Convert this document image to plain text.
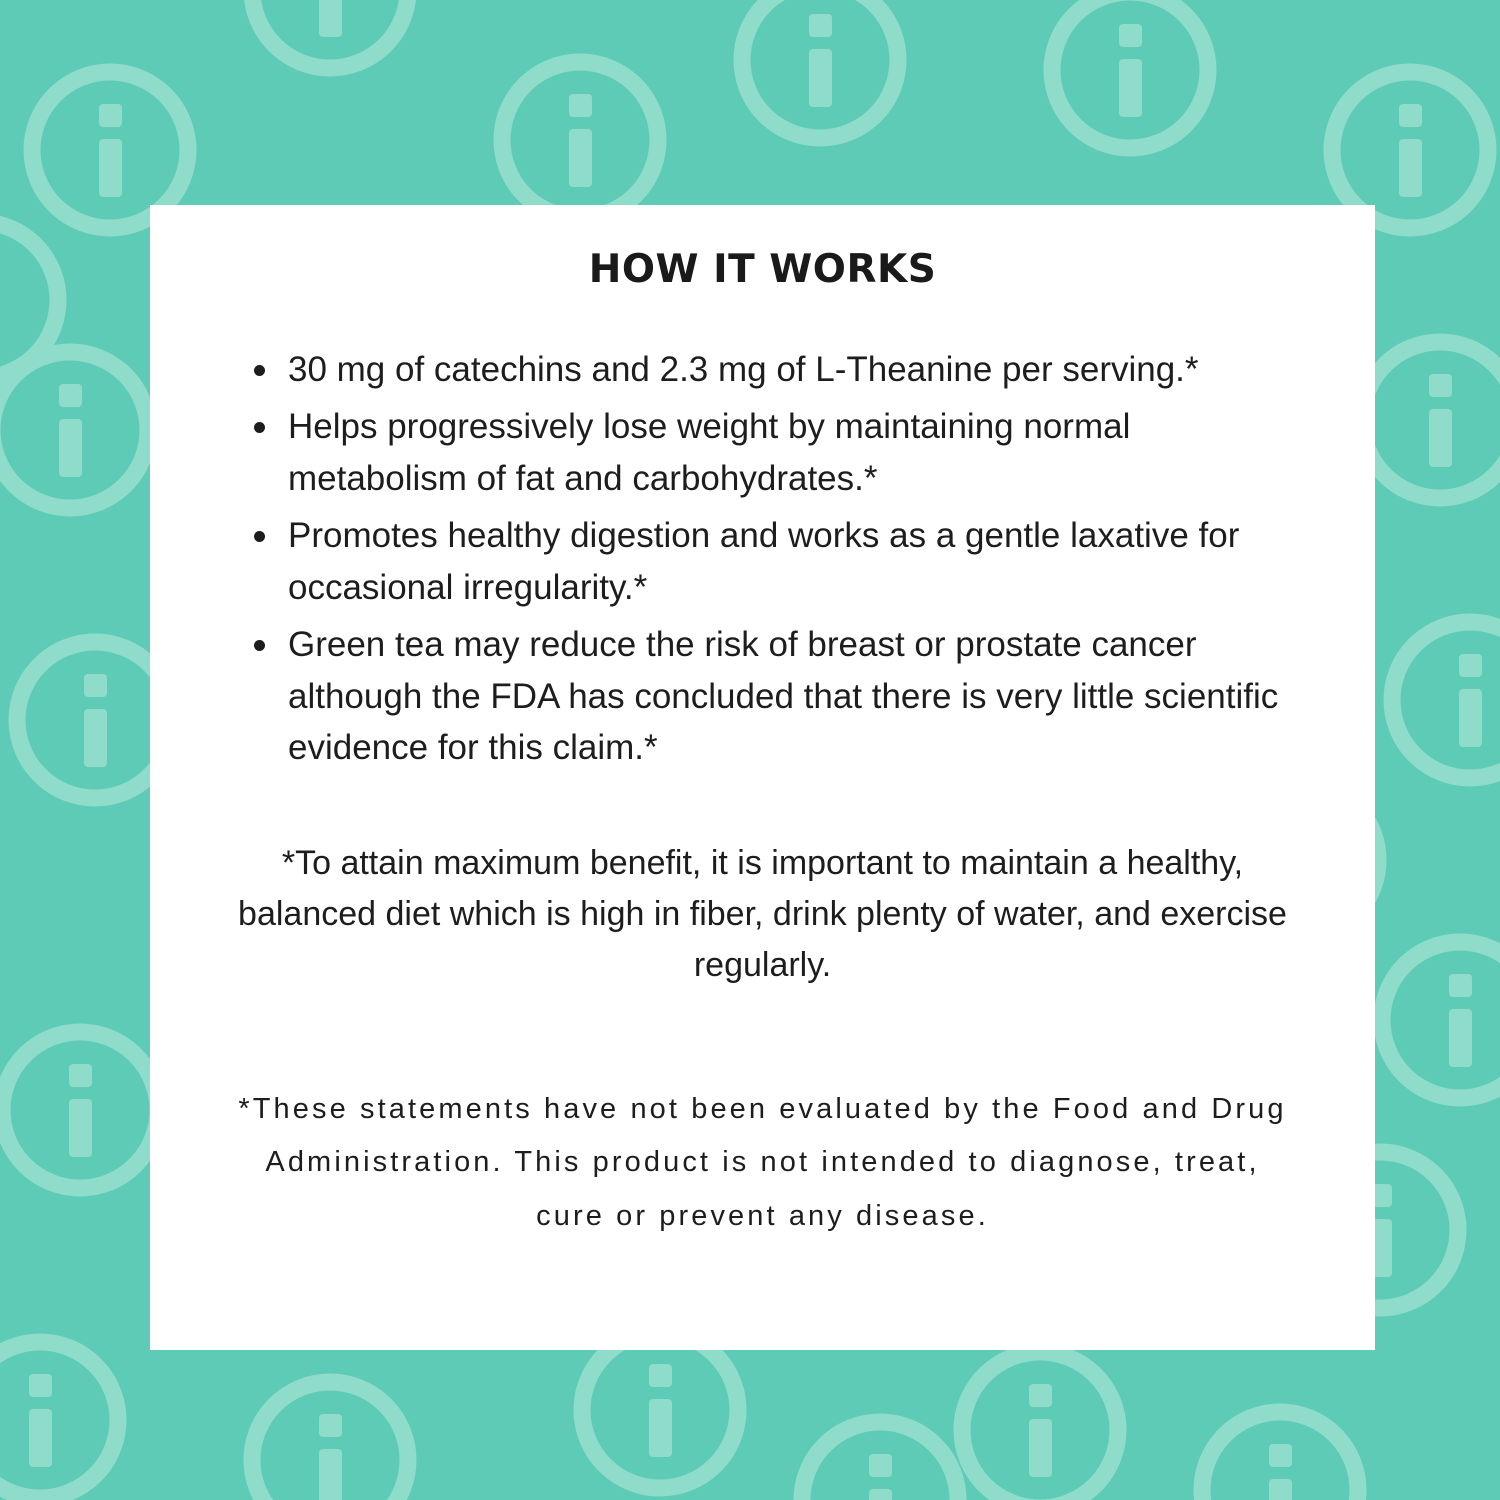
HOW IT WORKS
30 mg of catechins and 2.3 mg of L-Theanine per serving.*
Helps progressively lose weight by maintaining normal metabolism of fat and carbohydrates.*
Promotes healthy digestion and works as a gentle laxative for occasional irregularity.*
Green tea may reduce the risk of breast or prostate cancer although the FDA has concluded that there is very little scientific evidence for this claim.*

*To attain maximum benefit, it is important to maintain a healthy, balanced diet which is high in fiber, drink plenty of water, and exercise regularly.

*These statements have not been evaluated by the Food and Drug Administration. This product is not intended to diagnose, treat, cure or prevent any disease.
